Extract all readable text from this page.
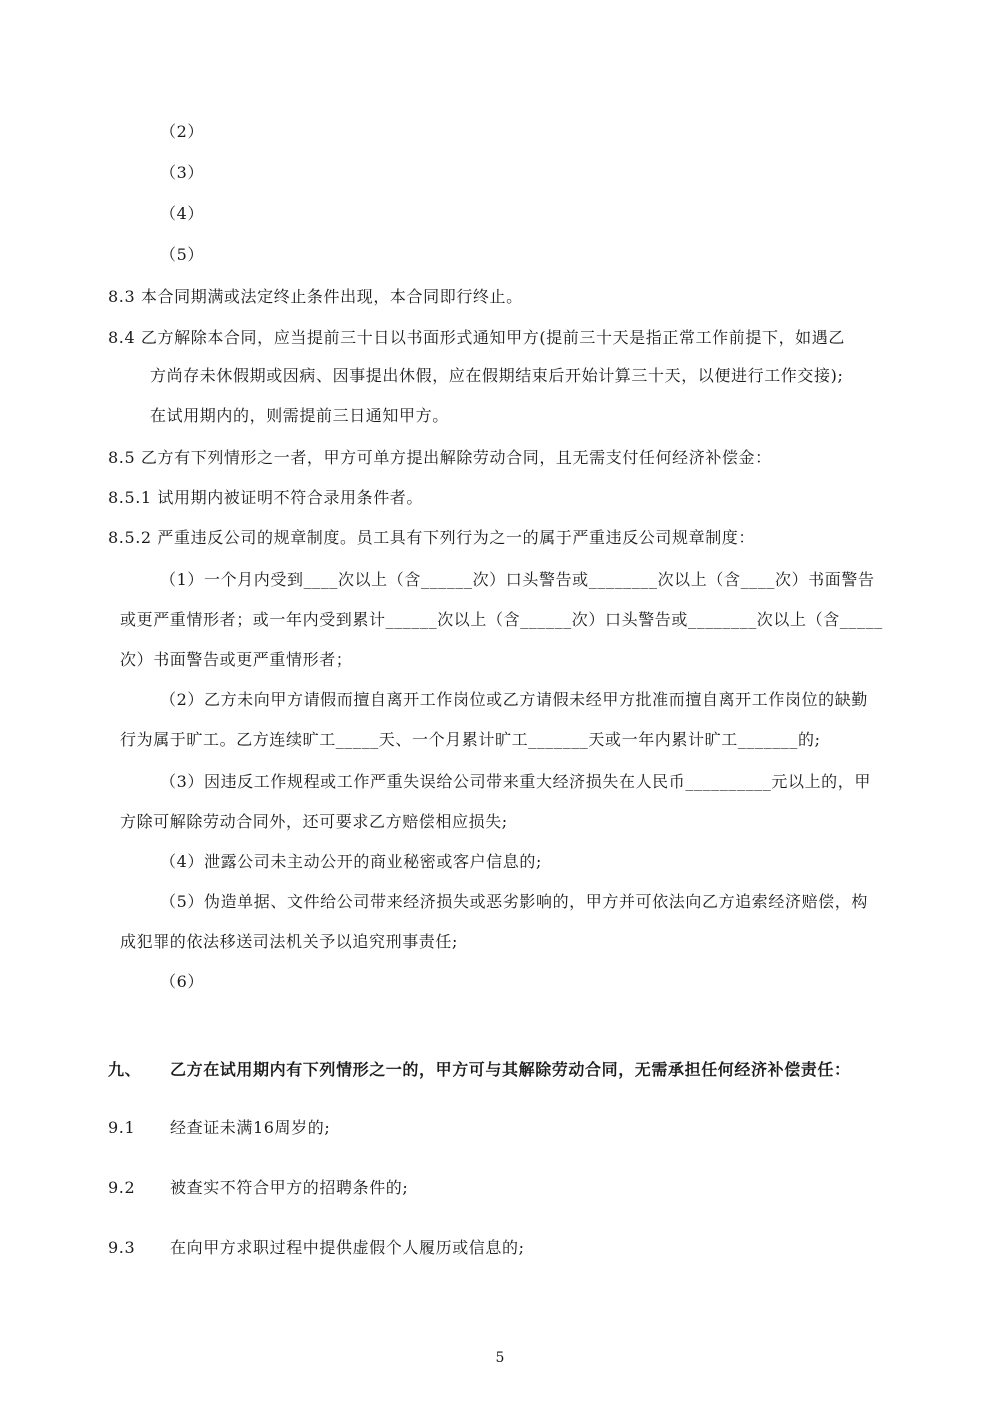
（2）
（3）
（4）
（5）
8.3 本合同期满或法定终止条件出现，本合同即行终止。
8.4 乙方解除本合同，应当提前三十日以书面形式通知甲方(提前三十天是指正常工作前提下，如遇乙
方尚存未休假期或因病、因事提出休假，应在假期结束后开始计算三十天，以便进行工作交接);
在试用期内的，则需提前三日通知甲方。
8.5 乙方有下列情形之一者，甲方可单方提出解除劳动合同，且无需支付任何经济补偿金：
8.5.1 试用期内被证明不符合录用条件者。
8.5.2 严重违反公司的规章制度。员工具有下列行为之一的属于严重违反公司规章制度：
（1）一个月内受到____次以上（含______次）口头警告或________次以上（含____次）书面警告
或更严重情形者；或一年内受到累计______次以上（含______次）口头警告或________次以上（含_____
次）书面警告或更严重情形者；
（2）乙方未向甲方请假而擅自离开工作岗位或乙方请假未经甲方批准而擅自离开工作岗位的缺勤
行为属于旷工。乙方连续旷工_____天、一个月累计旷工_______天或一年内累计旷工_______的;
（3）因违反工作规程或工作严重失误给公司带来重大经济损失在人民币__________元以上的，甲
方除可解除劳动合同外，还可要求乙方赔偿相应损失;
（4）泄露公司未主动公开的商业秘密或客户信息的;
（5）伪造单据、文件给公司带来经济损失或恶劣影响的，甲方并可依法向乙方追索经济赔偿，构
成犯罪的依法移送司法机关予以追究刑事责任;
（6）
九、 乙方在试用期内有下列情形之一的，甲方可与其解除劳动合同，无需承担任何经济补偿责任：
9.1 经查证未满16周岁的;
9.2 被查实不符合甲方的招聘条件的;
9.3 在向甲方求职过程中提供虚假个人履历或信息的;
5
